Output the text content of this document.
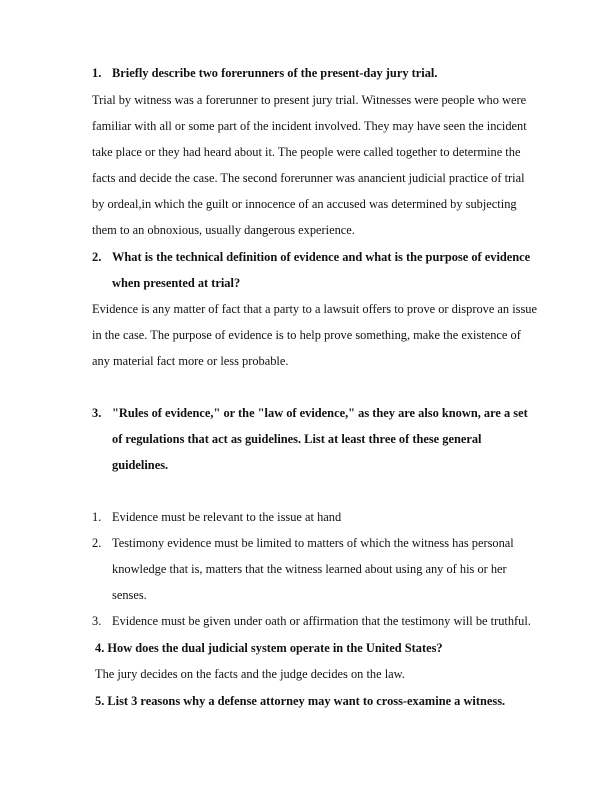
1. Briefly describe two forerunners of the present-day jury trial.
Trial by witness was a forerunner to present jury trial. Witnesses were people who were
familiar with all or some part of the incident involved. They may have seen the incident
take place or they had heard about it. The people were called together to determine the
facts and decide the case. The second forerunner was anancient judicial practice of trial
by ordeal,in which the guilt or innocence of an accused was determined by subjecting
them to an obnoxious, usually dangerous experience.
2. What is the technical definition of evidence and what is the purpose of evidence
when presented at trial?
Evidence is any matter of fact that a party to a lawsuit offers to prove or disprove an issue
in the case. The purpose of evidence is to help prove something, make the existence of
any material fact more or less probable.
3. "Rules of evidence," or the "law of evidence," as they are also known, are a set
of regulations that act as guidelines. List at least three of these general
guidelines.
1. Evidence must be relevant to the issue at hand
2. Testimony evidence must be limited to matters of which the witness has personal
knowledge that is, matters that the witness learned about using any of his or her
senses.
3. Evidence must be given under oath or affirmation that the testimony will be truthful.
4. How does the dual judicial system operate in the United States?
The jury decides on the facts and the judge decides on the law.
5. List 3 reasons why a defense attorney may want to cross-examine a witness.
